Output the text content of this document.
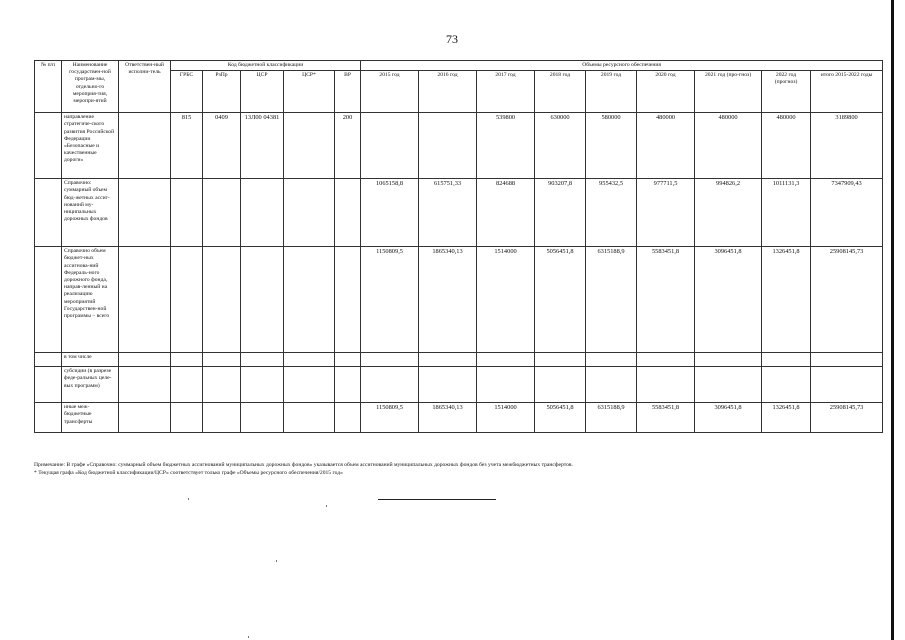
73
№ п/п	Наименование государствен-ной програм-мы, отдельно-го мероприя-тия, меропри-ятий	Ответствен-ный исполни-тель	Код бюджетной классификации					Объемы ресурсного обеспечения								
			ГРБС	РзПр	ЦСР	ЦСР*	ВР	2015 год	2016 год	2017 год	2018 год	2019 год	2020 год	2021 год (про-гноз)	2022 год (прогноз)	итого 2015-2022 годы
	направление стратегиче-ского развития Российской Федерации «Безопасные и качественные дороги»		815	0409	13Л00 04381		200			539800	630000	580000	480000	480000	480000	3189800
	Справочно: суммарный объем бюд-жетных ассиг-нований му-ниципальных дорожных фондов							1065158,8	615751,33	824688	903207,8	955432,5	977711,5	994826,2	1011131,3	7347909,43
	Справочно объем бюджет-ных ассигнова-ний Федераль-ного дорожного фонда, направ-ленный на реализацию мероприятий Государствен-ной программы – всего							1150809,5	1865340,13	1514000	5056451,8	6315188,9	5583451,8	3096451,8	1326451,8	25908145,73
	в том числе															
	субсидии (в разрезе феде-ральных целе-вых программ)															
	иные меж-бюджетные трансферты							1150809,5	1865340,13	1514000	5056451,8	6315188,9	5583451,8	3096451,8	1326451,8	25908145,73
Примечание: В графе «Справочно: суммарный объем бюджетных ассигнований муниципальных дорожных фондов» указывается объем ассигнований муниципальных дорожных фондов без учета межбюджетных трансфертов.
* Текущая графа «Код бюджетной классификации/ЦСР» соответствует только графе «Объемы ресурсного обеспечения/2015 год»
